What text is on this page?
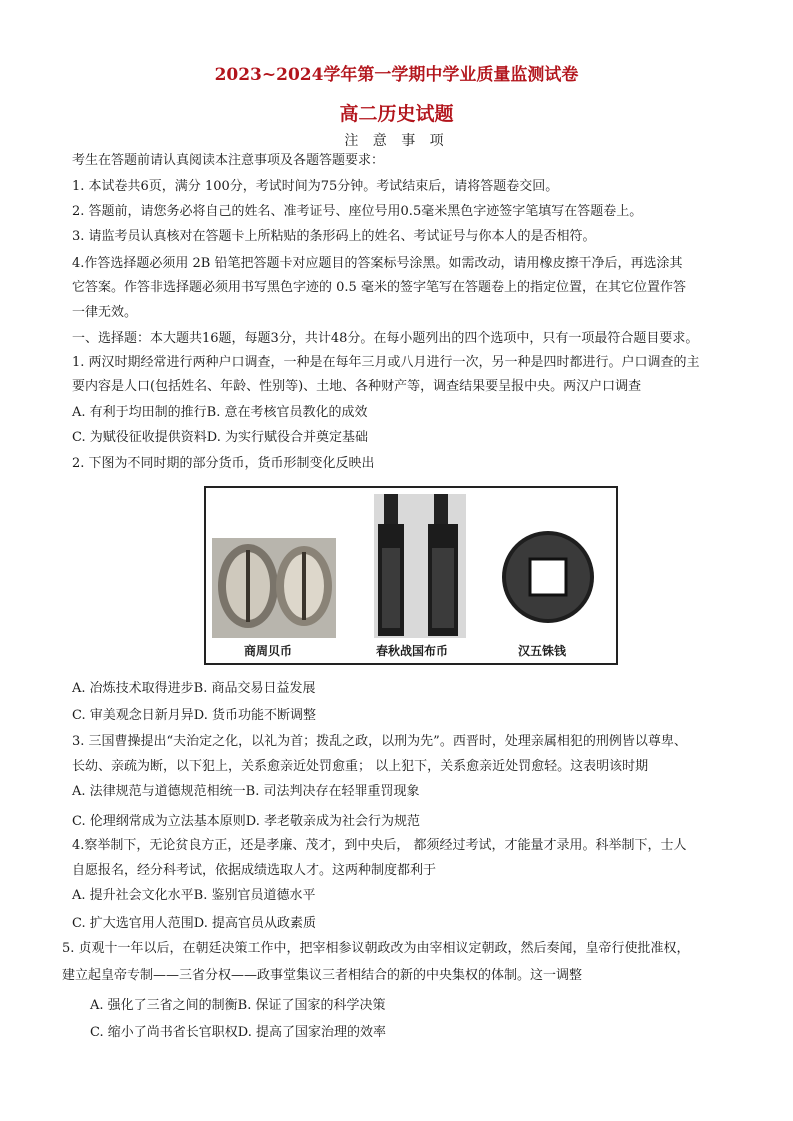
2023~2024学年第一学期中学业质量监测试卷
高二历史试题
注 意 事 项
考生在答题前请认真阅读本注意事项及各题答题要求：
1. 本试卷共6页，满分 100分，考试时间为75分钟。考试结束后，请将答题卷交回。
2. 答题前，请您务必将自己的姓名、准考证号、座位号用0.5毫米黑色字迹签字笔填写在答题卷上。
3. 请监考员认真核对在答题卡上所粘贴的条形码上的姓名、考试证号与你本人的是否相符。
4.作答选择题必须用 2B 铅笔把答题卡对应题目的答案标号涂黑。如需改动，请用橡皮擦干净后，再选涂其
它答案。作答非选择题必须用书写黑色字迹的 0.5 毫米的签字笔写在答题卷上的指定位置，在其它位置作答
一律无效。
一、选择题：本大题共16题，每题3分，共计48分。在每小题列出的四个选项中，只有一项最符合题目要求。
1. 两汉时期经常进行两种户口调查，一种是在每年三月或八月进行一次，另一种是四时都进行。户口调查的主
要内容是人口(包括姓名、年龄、性别等)、土地、各种财产等，调查结果要呈报中央。两汉户口调查
A. 有利于均田制的推行B. 意在考核官员教化的成效
C. 为赋役征收提供资料D. 为实行赋役合并奠定基础
2. 下图为不同时期的部分货币，货币形制变化反映出
商周贝币	春秋战国布币	汉五铢钱
A. 冶炼技术取得进步B. 商品交易日益发展
C. 审美观念日新月异D. 货币功能不断调整
3. 三国曹操提出“夫治定之化，以礼为首；拨乱之政，以刑为先”。西晋时，处理亲属相犯的刑例皆以尊卑、
长幼、亲疏为断，以下犯上，关系愈亲近处罚愈重； 以上犯下，关系愈亲近处罚愈轻。这表明该时期
A. 法律规范与道德规范相统一B. 司法判决存在轻罪重罚现象
C. 伦理纲常成为立法基本原则D. 孝老敬亲成为社会行为规范
4.察举制下，无论贫良方正，还是孝廉、茂才，到中央后， 都须经过考试，才能量才录用。科举制下，士人
自愿报名，经分科考试，依据成绩选取人才。这两种制度都利于
A. 提升社会文化水平B. 鉴别官员道德水平
C. 扩大选官用人范围D. 提高官员从政素质
5. 贞观十一年以后，在朝廷决策工作中，把宰相参议朝政改为由宰相议定朝政，然后奏闻，皇帝行使批准权，
建立起皇帝专制——三省分权——政事堂集议三者相结合的新的中央集权的体制。这一调整
A. 强化了三省之间的制衡B. 保证了国家的科学决策
C. 缩小了尚书省长官职权D. 提高了国家治理的效率
